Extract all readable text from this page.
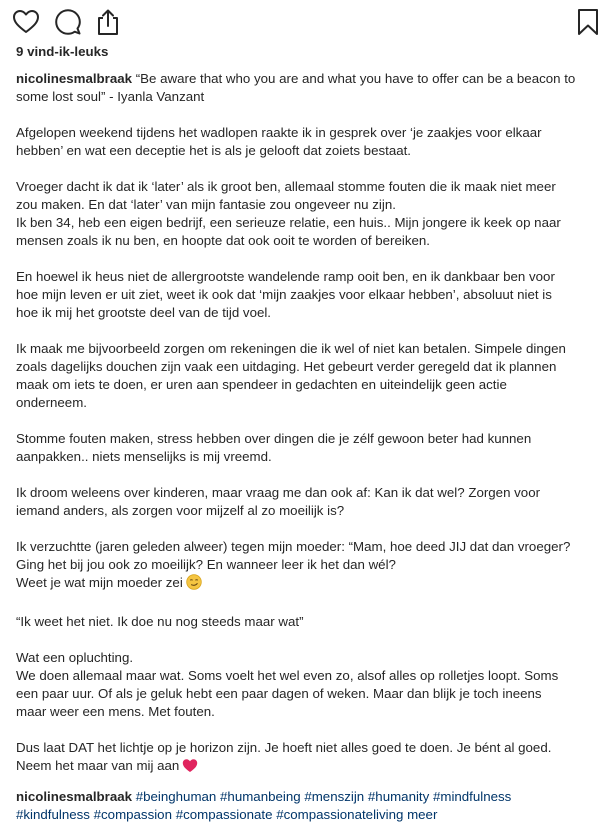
9 vind-ik-leuks
nicolinesmalbraak “Be aware that who you are and what you have to offer can be a beacon to
some lost soul” - Iyanla Vanzant
Afgelopen weekend tijdens het wadlopen raakte ik in gesprek over ‘je zaakjes voor elkaar
hebben’ en wat een deceptie het is als je gelooft dat zoiets bestaat.
Vroeger dacht ik dat ik ‘later’ als ik groot ben, allemaal stomme fouten die ik maak niet meer
zou maken. En dat ‘later’ van mijn fantasie zou ongeveer nu zijn.
Ik ben 34, heb een eigen bedrijf, een serieuze relatie, een huis.. Mijn jongere ik keek op naar
mensen zoals ik nu ben, en hoopte dat ook ooit te worden of bereiken.
En hoewel ik heus niet de allergrootste wandelende ramp ooit ben, en ik dankbaar ben voor
hoe mijn leven er uit ziet, weet ik ook dat ‘mijn zaakjes voor elkaar hebben’, absoluut niet is
hoe ik mij het grootste deel van de tijd voel.
Ik maak me bijvoorbeeld zorgen om rekeningen die ik wel of niet kan betalen. Simpele dingen
zoals dagelijks douchen zijn vaak een uitdaging. Het gebeurt verder geregeld dat ik plannen
maak om iets te doen, er uren aan spendeer in gedachten en uiteindelijk geen actie
onderneem.
Stomme fouten maken, stress hebben over dingen die je zélf gewoon beter had kunnen
aanpakken.. niets menselijks is mij vreemd.
Ik droom weleens over kinderen, maar vraag me dan ook af: Kan ik dat wel? Zorgen voor
iemand anders, als zorgen voor mijzelf al zo moeilijk is?
Ik verzuchtte (jaren geleden alweer) tegen mijn moeder: “Mam, hoe deed JIJ dat dan vroeger?
Ging het bij jou ook zo moeilijk? En wanneer leer ik het dan wél?
Weet je wat mijn moeder zei
“Ik weet het niet. Ik doe nu nog steeds maar wat”
Wat een opluchting.
We doen allemaal maar wat. Soms voelt het wel even zo, alsof alles op rolletjes loopt. Soms
een paar uur. Of als je geluk hebt een paar dagen of weken. Maar dan blijk je toch ineens
maar weer een mens. Met fouten.
Dus laat DAT het lichtje op je horizon zijn. Je hoeft niet alles goed te doen. Je bént al goed.
Neem het maar van mij aan
nicolinesmalbraak #beinghuman #humanbeing #menszijn #humanity #mindfulness
#kindfulness #compassion #compassionate #compassionateliving meer
